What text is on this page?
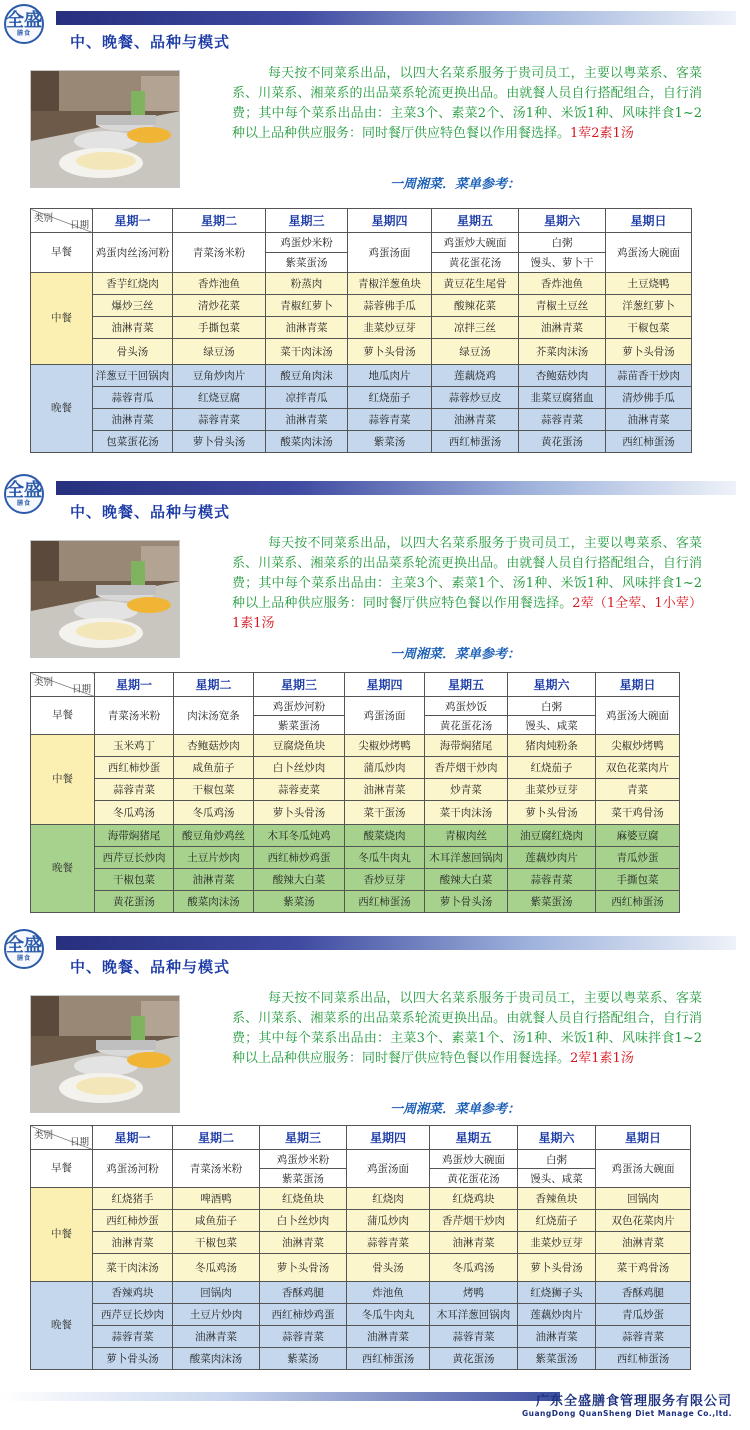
全盛
膳食	中、晚餐、品种与模式

每天按不同菜系出品，以四大名菜系服务于贵司员工，主要以粤菜系、客菜系、川菜系、湘菜系的出品菜系轮流更换出品。由就餐人员自行搭配组合，自行消费；其中每个菜系出品由：主菜3个、素菜2个、汤1种、米饭1种、风味拌食1~2种以上品种供应服务：同时餐厅供应特色餐以作用餐选择。1荤2素1汤

一周湘菜．菜单参考：
类别
日期	星期一	星期二	星期三	星期四	星期五	星期六	星期日
早餐	鸡蛋肉丝汤河粉	青菜汤米粉	鸡蛋炒米粉	鸡蛋汤面	鸡蛋炒大碗面	白粥	鸡蛋汤大碗面
			紫菜蛋汤		黄花蛋花汤	馒头、萝卜干	
中餐	香芋红烧肉	香炸池鱼	粉蒸肉	青椒洋葱鱼块	黄豆花生尾骨	香炸池鱼	土豆烧鸭
	爆炒三丝	清炒花菜	青椒红萝卜	蒜蓉佛手瓜	酸辣花菜	青椒土豆丝	洋葱红萝卜
	油淋青菜	手撕包菜	油淋青菜	韭菜炒豆芽	凉拌三丝	油淋青菜	干椒包菜
	骨头汤	绿豆汤	菜干肉沫汤	萝卜头骨汤	绿豆汤	芥菜肉沫汤	萝卜头骨汤
晚餐	洋葱豆干回锅肉	豆角炒肉片	酸豆角肉沫	地瓜肉片	莲藕烧鸡	杏鲍菇炒肉	蒜苗香干炒肉
	蒜蓉青瓜	红烧豆腐	凉拌青瓜	红烧茄子	蒜蓉炒豆皮	韭菜豆腐猪血	清炒佛手瓜
	油淋青菜	蒜蓉青菜	油淋青菜	蒜蓉青菜	油淋青菜	蒜蓉青菜	油淋青菜
	包菜蛋花汤	萝卜骨头汤	酸菜肉沫汤	紫菜汤	西红柿蛋汤	黄花蛋汤	西红柿蛋汤
全盛
膳食	中、晚餐、品种与模式

每天按不同菜系出品，以四大名菜系服务于贵司员工，主要以粤菜系、客菜系、川菜系、湘菜系的出品菜系轮流更换出品。由就餐人员自行搭配组合，自行消费；其中每个菜系出品由：主菜3个、素菜1个、汤1种、米饭1种、风味拌食1~2种以上品种供应服务：同时餐厅供应特色餐以作用餐选择。2荤（1全荤、1小荤）1素1汤

一周湘菜．菜单参考：
类别
日期	星期一	星期二	星期三	星期四	星期五	星期六	星期日
早餐	青菜汤米粉	肉沫汤宽条	鸡蛋炒河粉	鸡蛋汤面	鸡蛋炒饭	白粥	鸡蛋汤大碗面
			紫菜蛋汤		黄花蛋花汤	馒头、咸菜	
中餐	玉米鸡丁	杏鲍菇炒肉	豆腐烧鱼块	尖椒炒烤鸭	海带焖猪尾	猪肉炖粉条	尖椒炒烤鸭
	西红柿炒蛋	咸鱼茄子	白卜丝炒肉	蒲瓜炒肉	香芹烟干炒肉	红烧茄子	双色花菜肉片
	蒜蓉青菜	干椒包菜	蒜蓉麦菜	油淋青菜	炒青菜	韭菜炒豆芽	青菜
	冬瓜鸡汤	冬瓜鸡汤	萝卜头骨汤	菜干蛋汤	菜干肉沫汤	萝卜头骨汤	菜干鸡骨汤
晚餐	海带焖猪尾	酸豆角炒鸡丝	木耳冬瓜炖鸡	酸菜烧肉	青椒肉丝	油豆腐红烧肉	麻婆豆腐
	西芹豆长炒肉	土豆片炒肉	西红柿炒鸡蛋	冬瓜牛肉丸	木耳洋葱回锅肉	莲藕炒肉片	青瓜炒蛋
	干椒包菜	油淋青菜	酸辣大白菜	香炒豆芽	酸辣大白菜	蒜蓉青菜	手撕包菜
	黄花蛋汤	酸菜肉沫汤	紫菜汤	西红柿蛋汤	萝卜骨头汤	紫菜蛋汤	西红柿蛋汤
全盛
膳食	中、晚餐、品种与模式

每天按不同菜系出品，以四大名菜系服务于贵司员工，主要以粤菜系、客菜系、川菜系、湘菜系的出品菜系轮流更换出品。由就餐人员自行搭配组合，自行消费；其中每个菜系出品由：主菜3个、素菜1个、汤1种、米饭1种、风味拌食1~2种以上品种供应服务：同时餐厅供应特色餐以作用餐选择。2荤1素1汤

一周湘菜．菜单参考：
类别
日期	星期一	星期二	星期三	星期四	星期五	星期六	星期日
早餐	鸡蛋汤河粉	青菜汤米粉	鸡蛋炒米粉	鸡蛋汤面	鸡蛋炒大碗面	白粥	鸡蛋汤大碗面
			紫菜蛋汤		黄花蛋花汤	馒头、咸菜	
中餐	红烧猪手	啤酒鸭	红烧鱼块	红烧肉	红烧鸡块	香辣鱼块	回锅肉
	西红柿炒蛋	咸鱼茄子	白卜丝炒肉	蒲瓜炒肉	香芹烟干炒肉	红烧茄子	双色花菜肉片
	油淋青菜	干椒包菜	油淋青菜	蒜蓉青菜	油淋青菜	韭菜炒豆芽	油淋青菜
	菜干肉沫汤	冬瓜鸡汤	萝卜头骨汤	骨头汤	冬瓜鸡汤	萝卜头骨汤	菜干鸡骨汤
晚餐	香辣鸡块	回锅肉	香酥鸡腿	炸池鱼	烤鸭	红烧狮子头	香酥鸡腿
	西芹豆长炒肉	土豆片炒肉	西红柿炒鸡蛋	冬瓜牛肉丸	木耳洋葱回锅肉	莲藕炒肉片	青瓜炒蛋
	蒜蓉青菜	油淋青菜	蒜蓉青菜	油淋青菜	蒜蓉青菜	油淋青菜	蒜蓉青菜
	萝卜骨头汤	酸菜肉沫汤	紫菜汤	西红柿蛋汤	黄花蛋汤	紫菜蛋汤	西红柿蛋汤
广东全盛膳食管理服务有限公司
GuangDong QuanSheng Diet Manage Co.,ltd.
